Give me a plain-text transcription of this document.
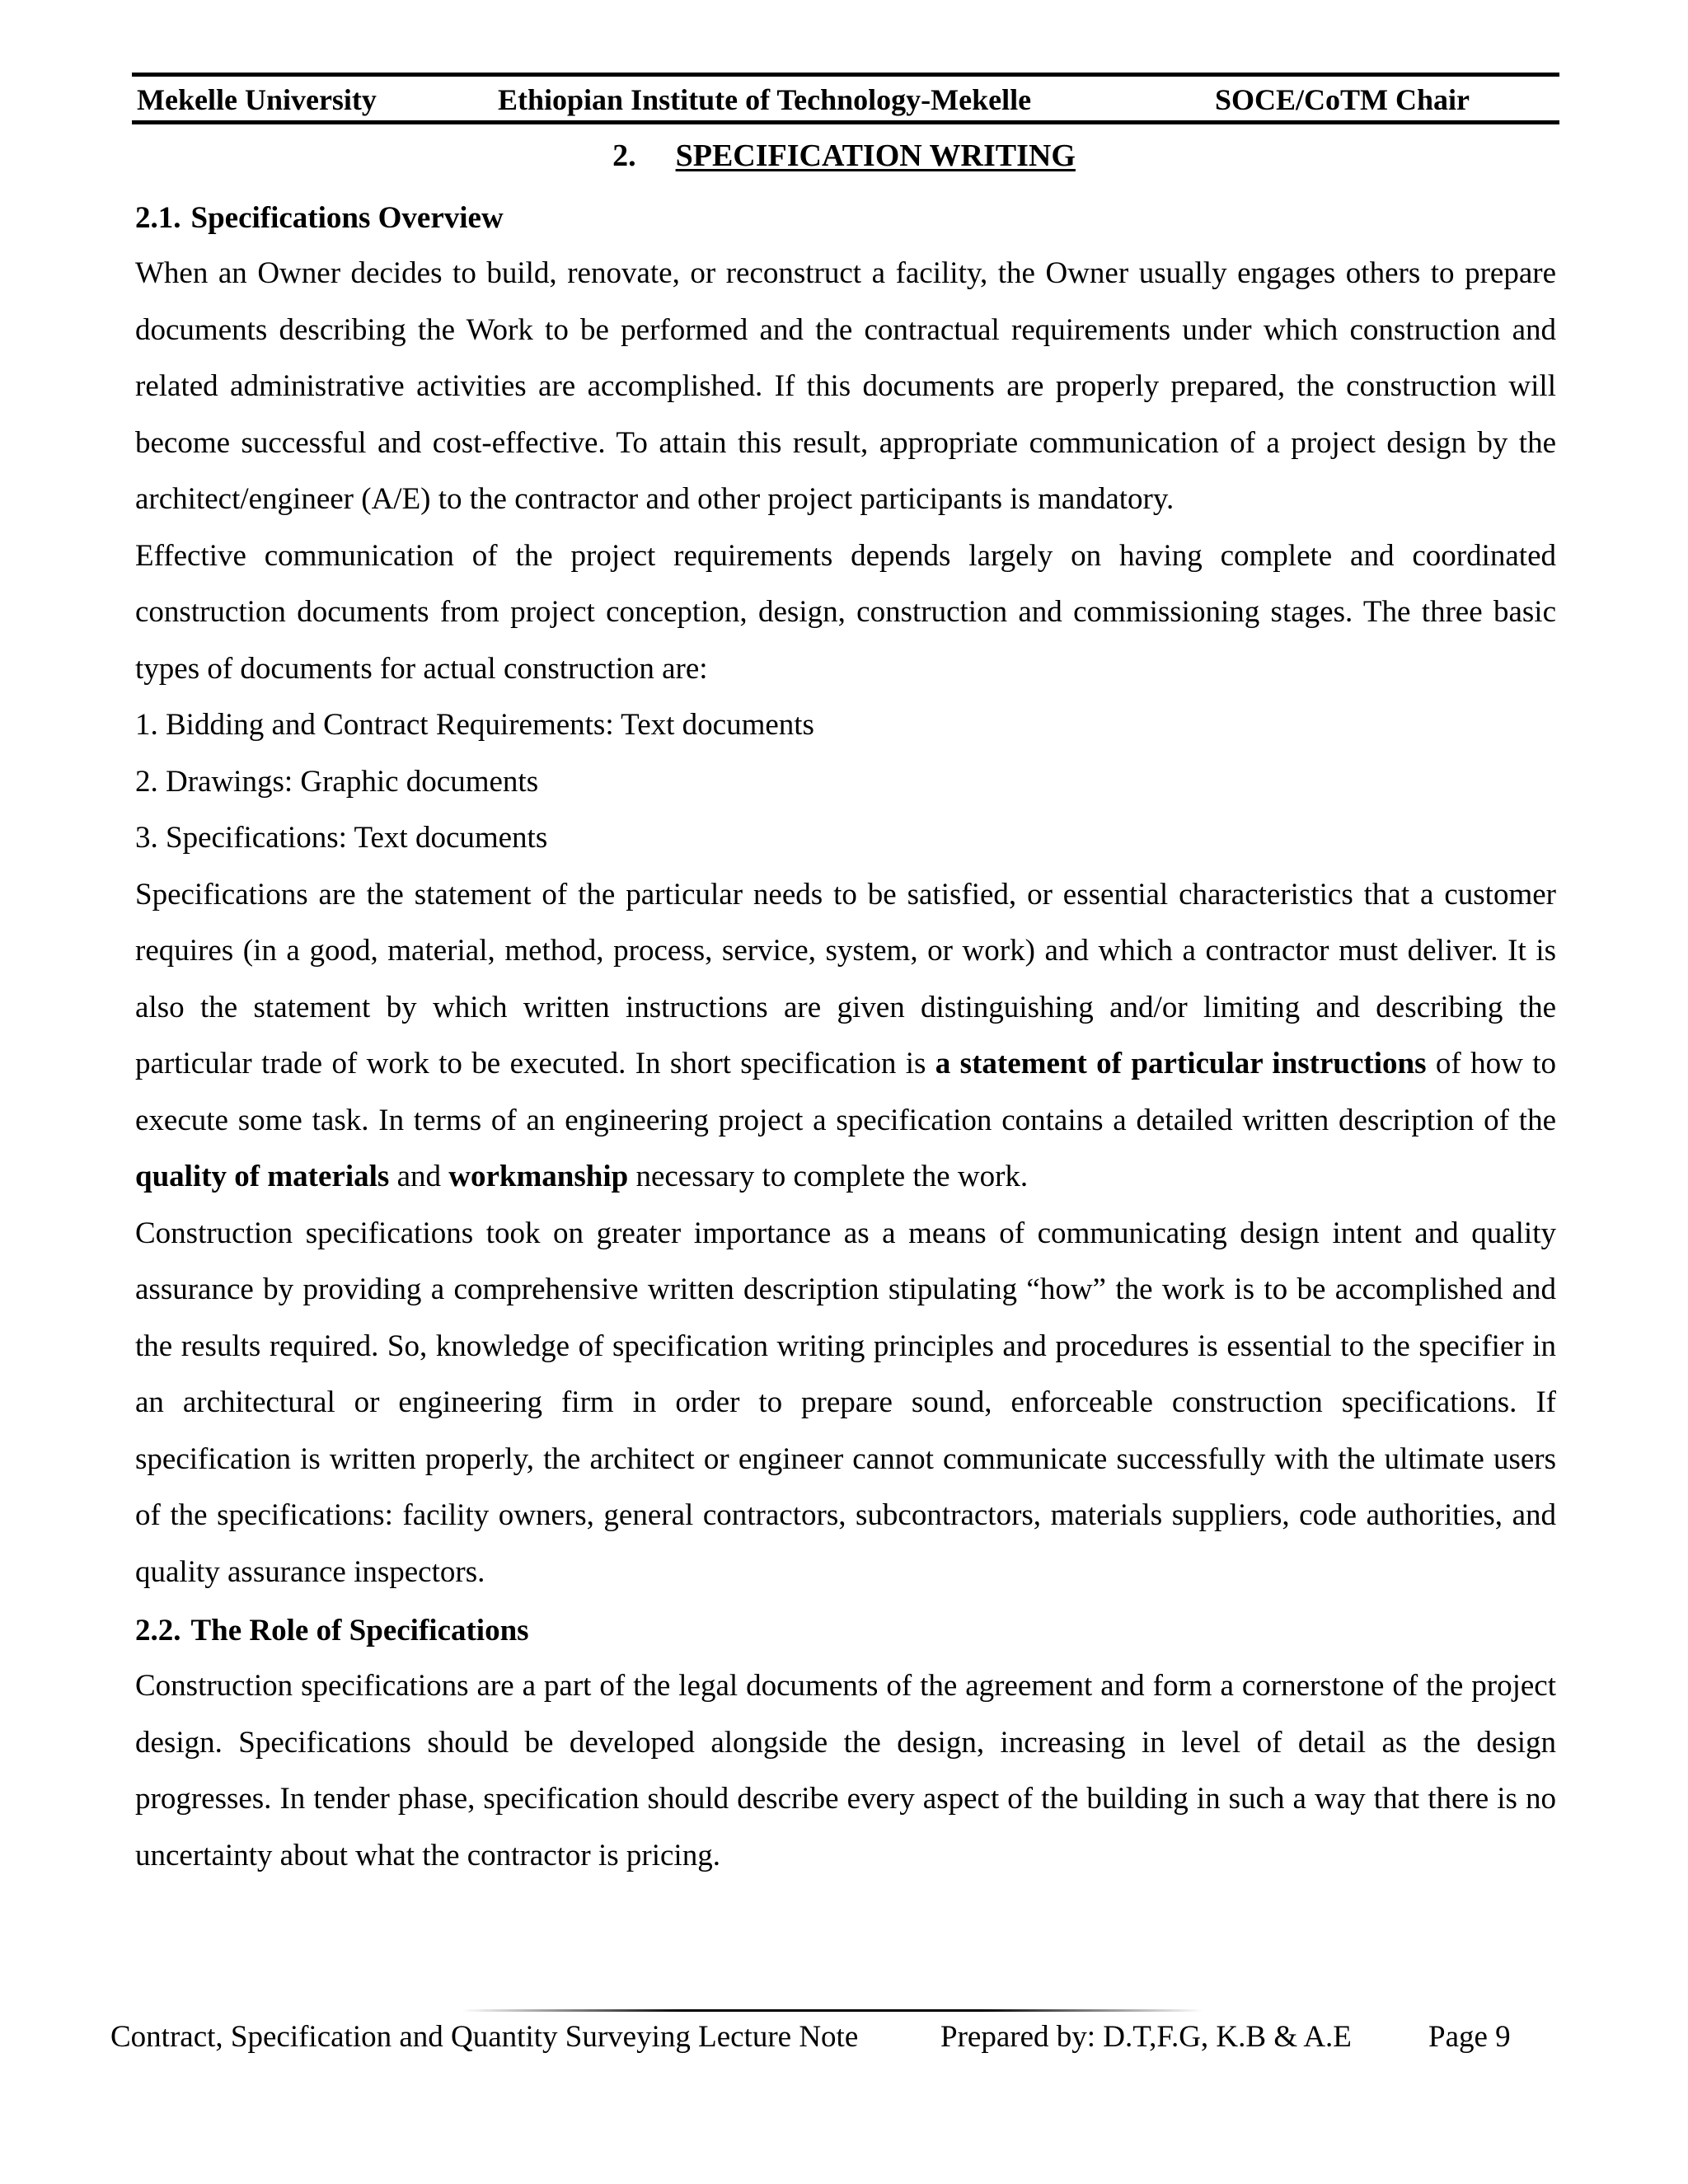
Mekelle University	Ethiopian Institute of Technology-Mekelle	SOCE/CoTM Chair
2. SPECIFICATION WRITING
2.1. Specifications Overview

When an Owner decides to build, renovate, or reconstruct a facility, the Owner usually engages others to prepare documents describing the Work to be performed and the contractual requirements under which construction and related administrative activities are accomplished. If this documents are properly prepared, the construction will become successful and cost-effective. To attain this result, appropriate communication of a project design by the architect/engineer (A/E) to the contractor and other project participants is mandatory.

Effective communication of the project requirements depends largely on having complete and coordinated construction documents from project conception, design, construction and commissioning stages. The three basic types of documents for actual construction are:

1. Bidding and Contract Requirements: Text documents

2. Drawings: Graphic documents

3. Specifications: Text documents

Specifications are the statement of the particular needs to be satisfied, or essential characteristics that a customer requires (in a good, material, method, process, service, system, or work) and which a contractor must deliver. It is also the statement by which written instructions are given distinguishing and/or limiting and describing the particular trade of work to be executed. In short specification is a statement of particular instructions of how to execute some task. In terms of an engineering project a specification contains a detailed written description of the quality of materials and workmanship necessary to complete the work.

Construction specifications took on greater importance as a means of communicating design intent and quality assurance by providing a comprehensive written description stipulating “how” the work is to be accomplished and the results required. So, knowledge of specification writing principles and procedures is essential to the specifier in an architectural or engineering firm in order to prepare sound, enforceable construction specifications. If specification is written properly, the architect or engineer cannot communicate successfully with the ultimate users of the specifications: facility owners, general contractors, subcontractors, materials suppliers, code authorities, and quality assurance inspectors.

2.2. The Role of Specifications

Construction specifications are a part of the legal documents of the agreement and form a cornerstone of the project design. Specifications should be developed alongside the design, increasing in level of detail as the design progresses. In tender phase, specification should describe every aspect of the building in such a way that there is no uncertainty about what the contractor is pricing.

Contract, Specification and Quantity Surveying Lecture Note	Prepared by: D.T,F.G, K.B & A.E	Page 9
